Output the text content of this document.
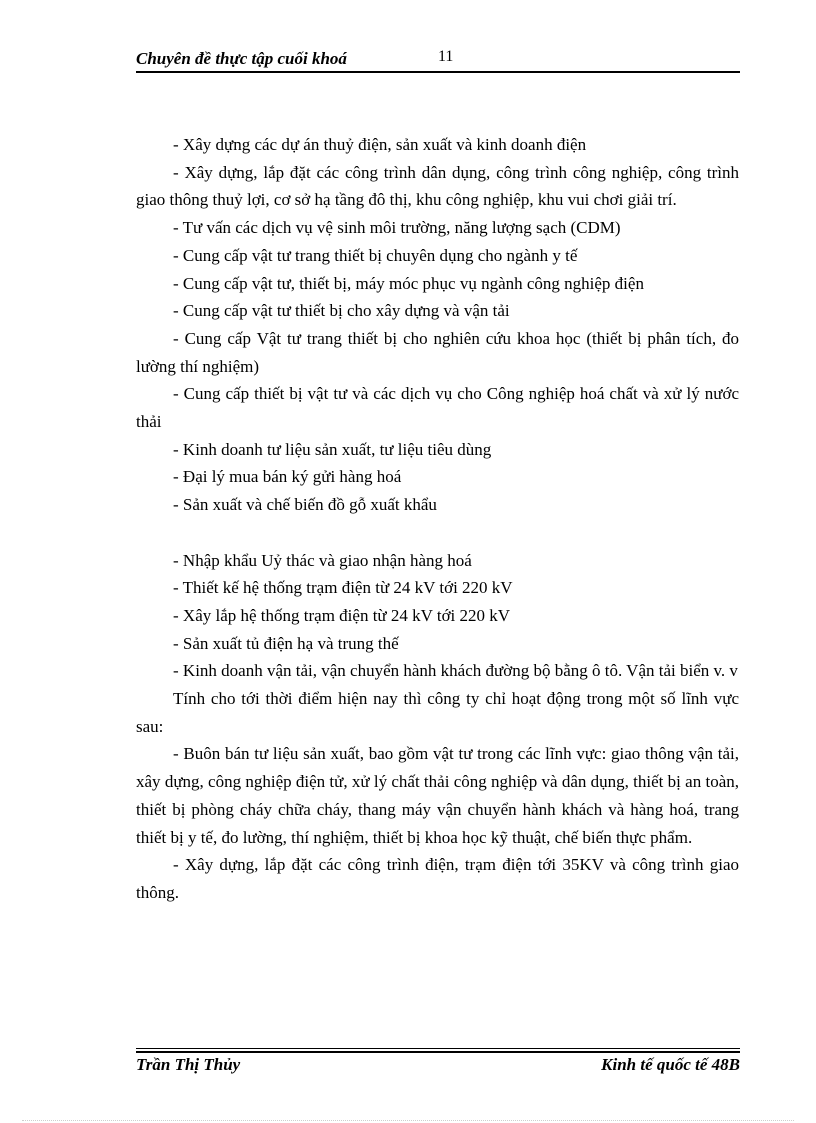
Chuyên đề thực tập cuối khoá	11

- Xây dựng các dự án thuỷ điện, sản xuất và kinh doanh điện

- Xây dựng, lắp đặt các công trình dân dụng, công trình công nghiệp, công trình giao thông thuỷ lợi, cơ sở hạ tầng đô thị, khu công nghiệp, khu vui chơi giải trí.

- Tư vấn các dịch vụ vệ sinh môi trường, năng lượng sạch (CDM)

- Cung cấp vật tư trang thiết bị chuyên dụng cho ngành y tế

- Cung cấp vật tư, thiết bị, máy móc phục vụ ngành công nghiệp điện

- Cung cấp vật tư thiết bị cho xây dựng và vận tải

- Cung cấp Vật tư trang thiết bị cho nghiên cứu khoa học (thiết bị phân tích, đo lường thí nghiệm)

- Cung cấp thiết bị vật tư và các dịch vụ cho Công nghiệp hoá chất và xử lý nước thải

- Kinh doanh tư liệu sản xuất, tư liệu tiêu dùng

- Đại lý mua bán ký gửi hàng hoá

- Sản xuất và chế biến đồ gỗ xuất khẩu

- Nhập khẩu Uỷ thác và giao nhận hàng hoá

- Thiết kế hệ thống trạm điện từ 24 kV tới 220 kV

- Xây lắp hệ thống trạm điện từ 24 kV tới 220 kV

- Sản xuất tủ điện hạ và trung thế

- Kinh doanh vận tải, vận chuyển hành khách đường bộ bằng ô tô. Vận tải biển v. v

Tính cho tới thời điểm hiện nay thì công ty chỉ hoạt động trong một số lĩnh vực sau:

- Buôn bán tư liệu sản xuất, bao gồm vật tư trong các lĩnh vực: giao thông vận tải, xây dựng, công nghiệp điện tử, xử lý chất thải công nghiệp và dân dụng, thiết bị an toàn, thiết bị phòng cháy chữa cháy, thang máy vận chuyển hành khách và hàng hoá, trang thiết bị y tế, đo lường, thí nghiệm, thiết bị khoa học kỹ thuật, chế biến thực phẩm.

- Xây dựng, lắp đặt các công trình điện, trạm điện tới 35KV và công trình giao thông.

Trần Thị Thủy	Kinh tế quốc tế 48B
